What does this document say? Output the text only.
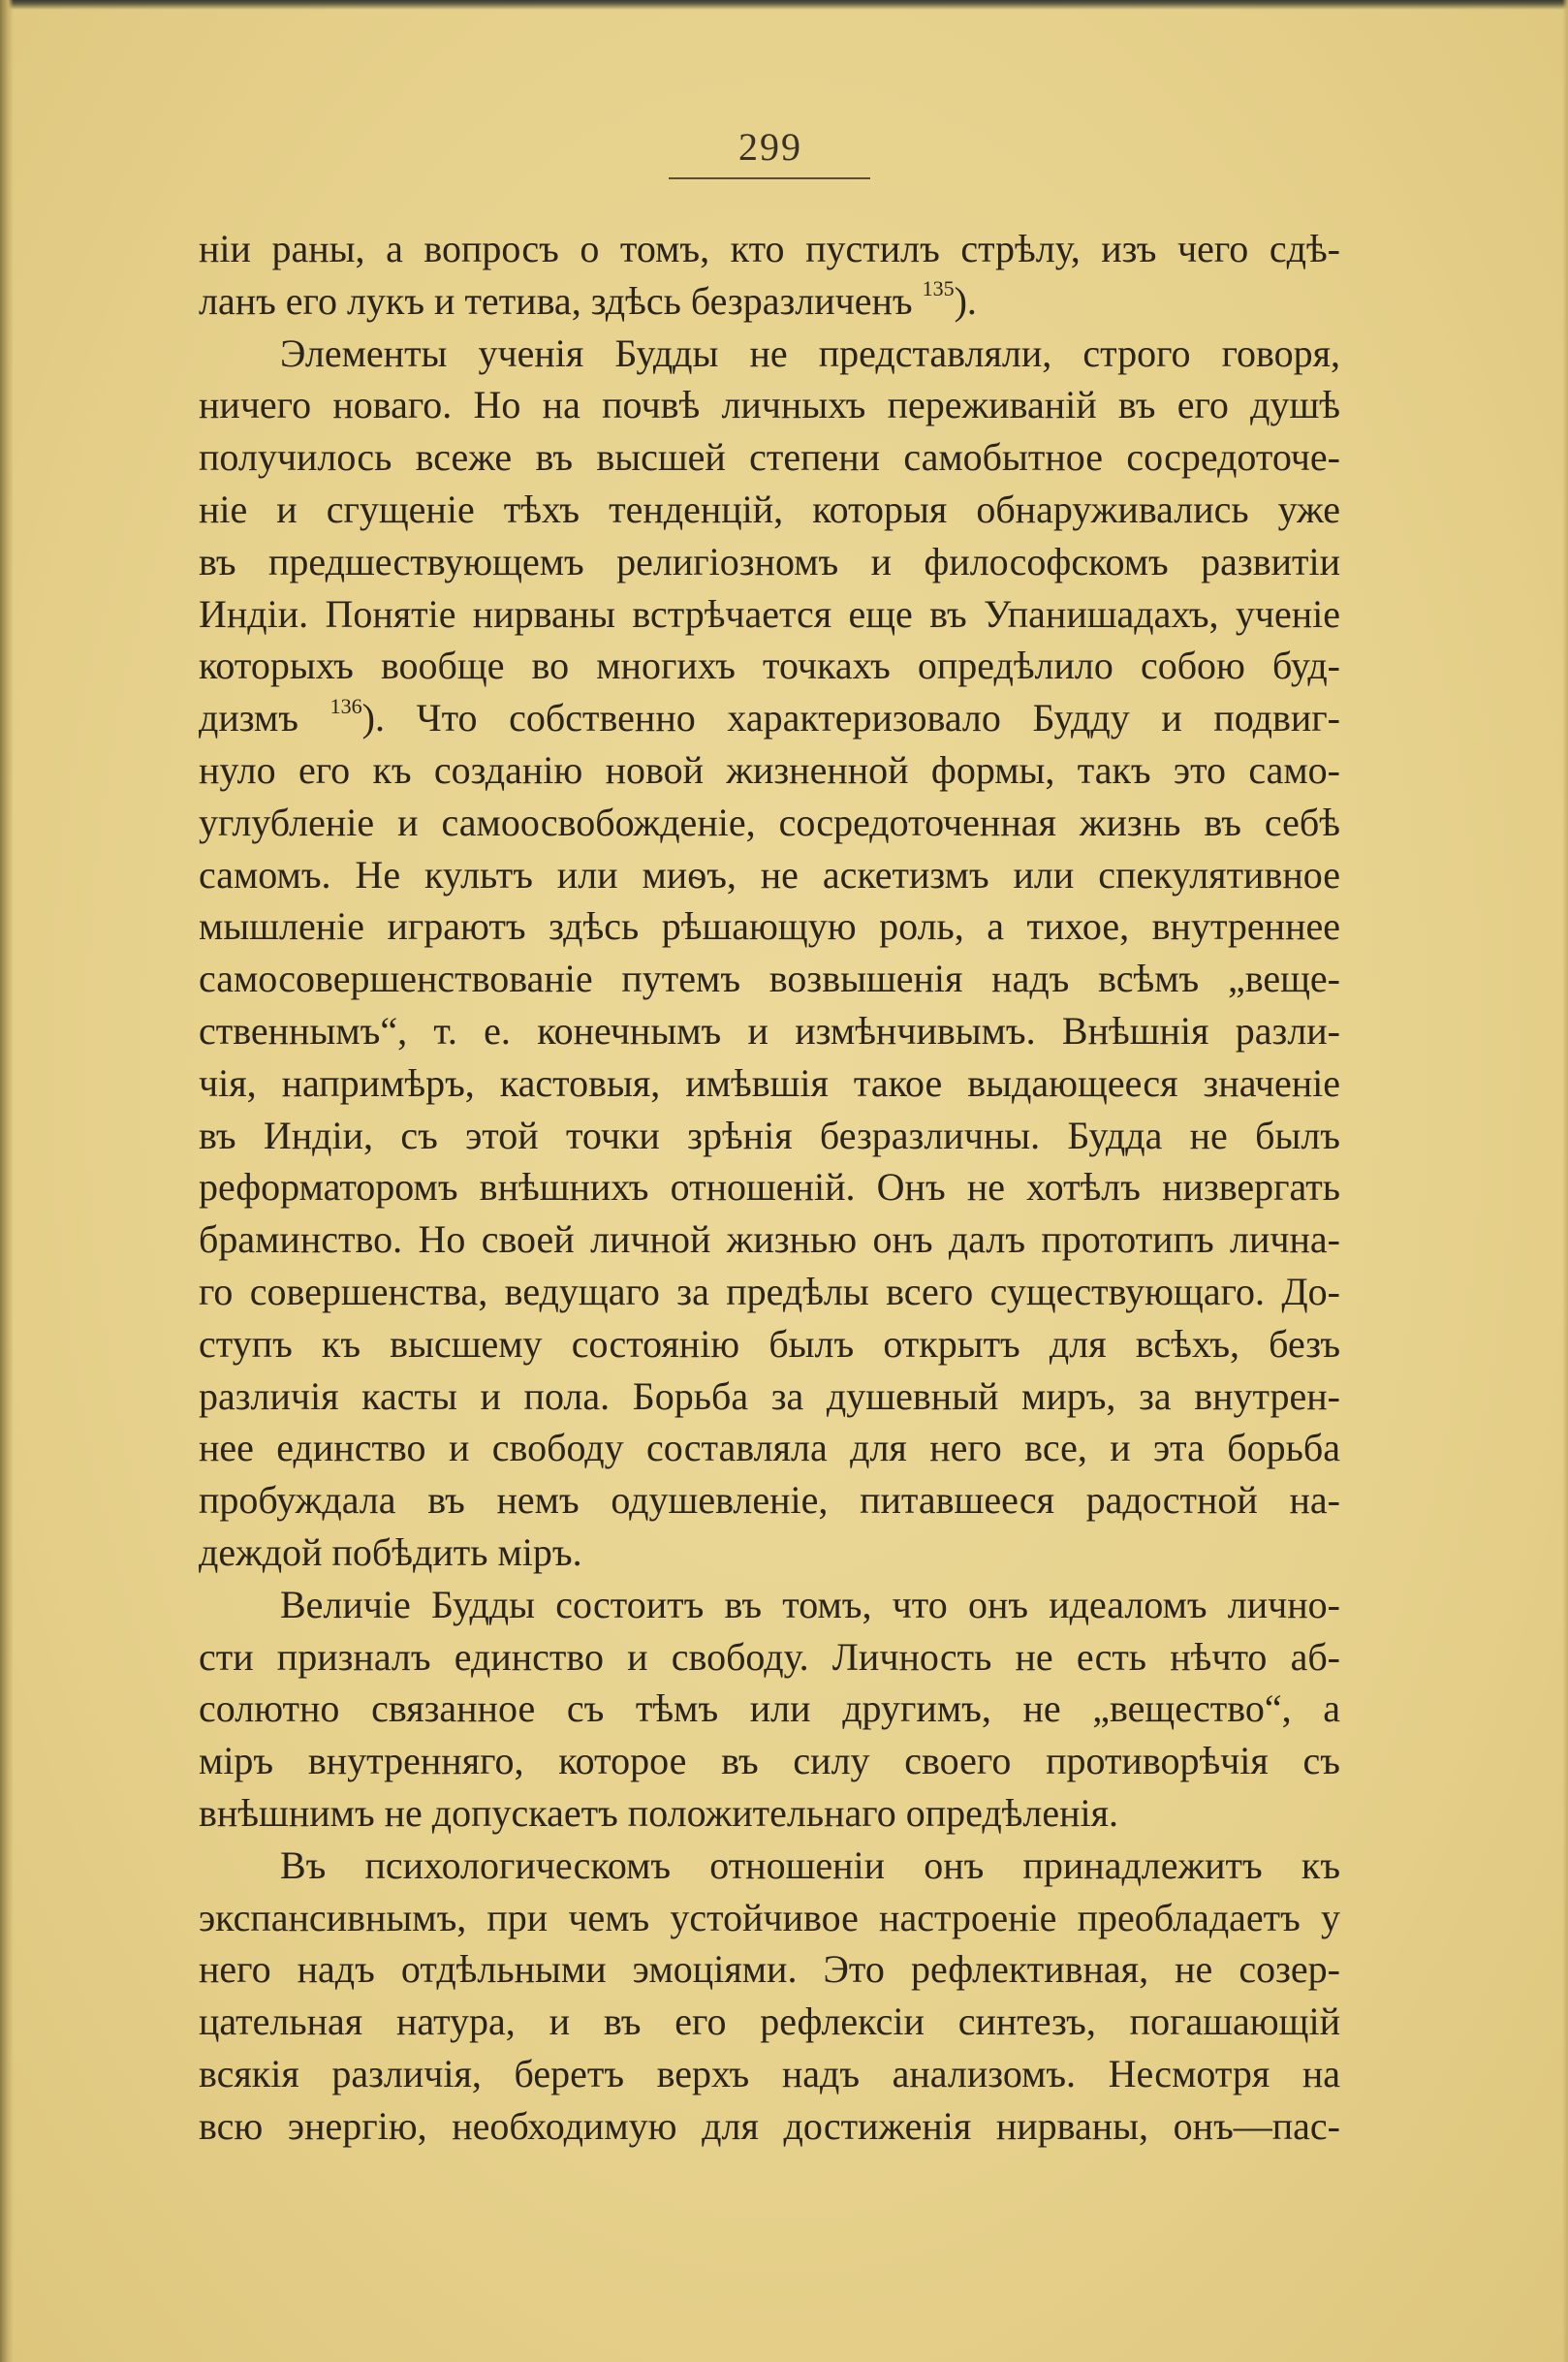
299

ніи раны, а вопросъ о томъ, кто пустилъ стрѣлу, изъ чего сдѣ-
ланъ его лукъ и тетива, здѣсь безразличенъ $^{135}$).

Элементы ученія Будды не представляли, строго говоря,
ничего новаго. Но на почвѣ личныхъ переживаній въ его душѣ
получилось всеже въ высшей степени самобытное сосредоточе-
ніе и сгущеніе тѣхъ тенденцій, которыя обнаруживались уже
въ предшествующемъ религіозномъ и философскомъ развитіи
Индіи. Понятіе нирваны встрѣчается еще въ Упанишадахъ, ученіе
которыхъ вообще во многихъ точкахъ опредѣлило собою буд-
дизмъ $^{136}$). Что собственно характеризовало Будду и подвиг-
нуло его къ созданію новой жизненной формы, такъ это само-
углубленіе и самоосвобожденіе, сосредоточенная жизнь въ себѣ
самомъ. Не культъ или миѳъ, не аскетизмъ или спекулятивное
мышленіе играютъ здѣсь рѣшающую роль, а тихое, внутреннее
самосовершенствованіе путемъ возвышенія надъ всѣмъ „веще-
ственнымъ“, т. е. конечнымъ и измѣнчивымъ. Внѣшнія разли-
чія, напримѣръ, кастовыя, имѣвшія такое выдающееся значеніе
въ Индіи, съ этой точки зрѣнія безразличны. Будда не былъ
реформаторомъ внѣшнихъ отношеній. Онъ не хотѣлъ низвергать
браминство. Но своей личной жизнью онъ далъ прототипъ лична-
го совершенства, ведущаго за предѣлы всего существующаго. До-
ступъ къ высшему состоянію былъ открытъ для всѣхъ, безъ
различія касты и пола. Борьба за душевный миръ, за внутрен-
нее единство и свободу составляла для него все, и эта борьба
пробуждала въ немъ одушевленіе, питавшееся радостной на-
деждой побѣдить міръ.

Величіе Будды состоитъ въ томъ, что онъ идеаломъ лично-
сти призналъ единство и свободу. Личность не есть нѣчто аб-
солютно связанное съ тѣмъ или другимъ, не „вещество“, а
міръ внутренняго, которое въ силу своего противорѣчія съ
внѣшнимъ не допускаетъ положительнаго опредѣленія.

Въ психологическомъ отношеніи онъ принадлежитъ къ
экспансивнымъ, при чемъ устойчивое настроеніе преобладаетъ у
него надъ отдѣльными эмоціями. Это рефлективная, не созер-
цательная натура, и въ его рефлексіи синтезъ, погашающій
всякія различія, беретъ верхъ надъ анализомъ. Несмотря на
всю энергію, необходимую для достиженія нирваны, онъ—пас-
